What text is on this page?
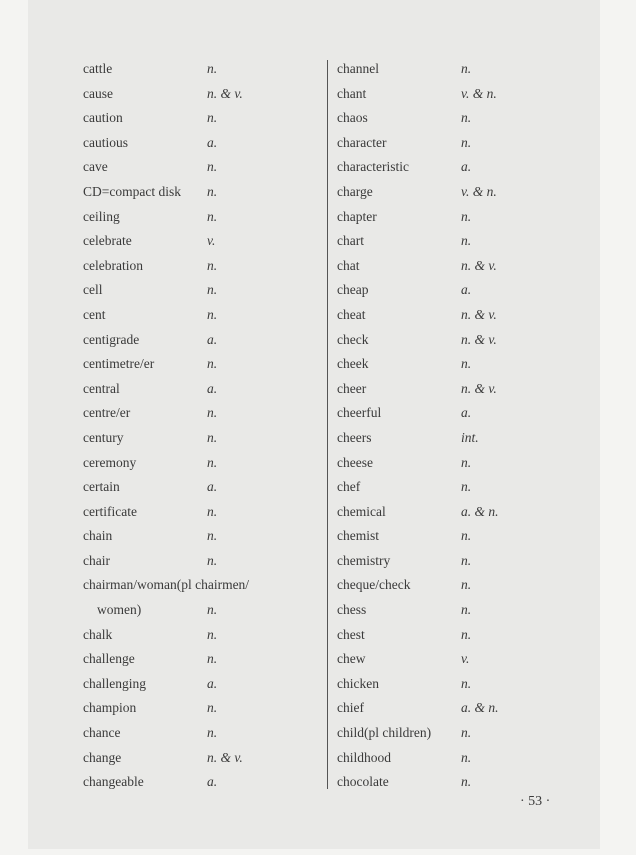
cattle	n.
cause	n. & v.
caution	n.
cautious	a.
cave	n.
CD=compact disk n.
ceiling	n.
celebrate	v.
celebration	n.
cell	n.
cent	n.
centigrade	a.
centimetre/er	n.
central	a.
centre/er	n.
century	n.
ceremony	n.
certain	a.
certificate	n.
chain	n.
chair	n.
chairman/woman(pl chairmen/
women)	n.
chalk	n.
challenge	n.
challenging	a.
champion	n.
chance	n.
change	n. & v.
changeable	a.
channel	n.
chant	v. & n.
chaos	n.
character	n.
characteristic	a.
charge	v. & n.
chapter	n.
chart	n.
chat	n. & v.
cheap	a.
cheat	n. & v.
check	n. & v.
cheek	n.
cheer	n. & v.
cheerful	a.
cheers	int.
cheese	n.
chef	n.
chemical	a. & n.
chemist	n.
chemistry	n.
cheque/check	n.
chess	n.
chest	n.
chew	v.
chicken	n.
chief	a. & n.
child(pl children) n.
childhood	n.
chocolate	n.
· 53 ·
